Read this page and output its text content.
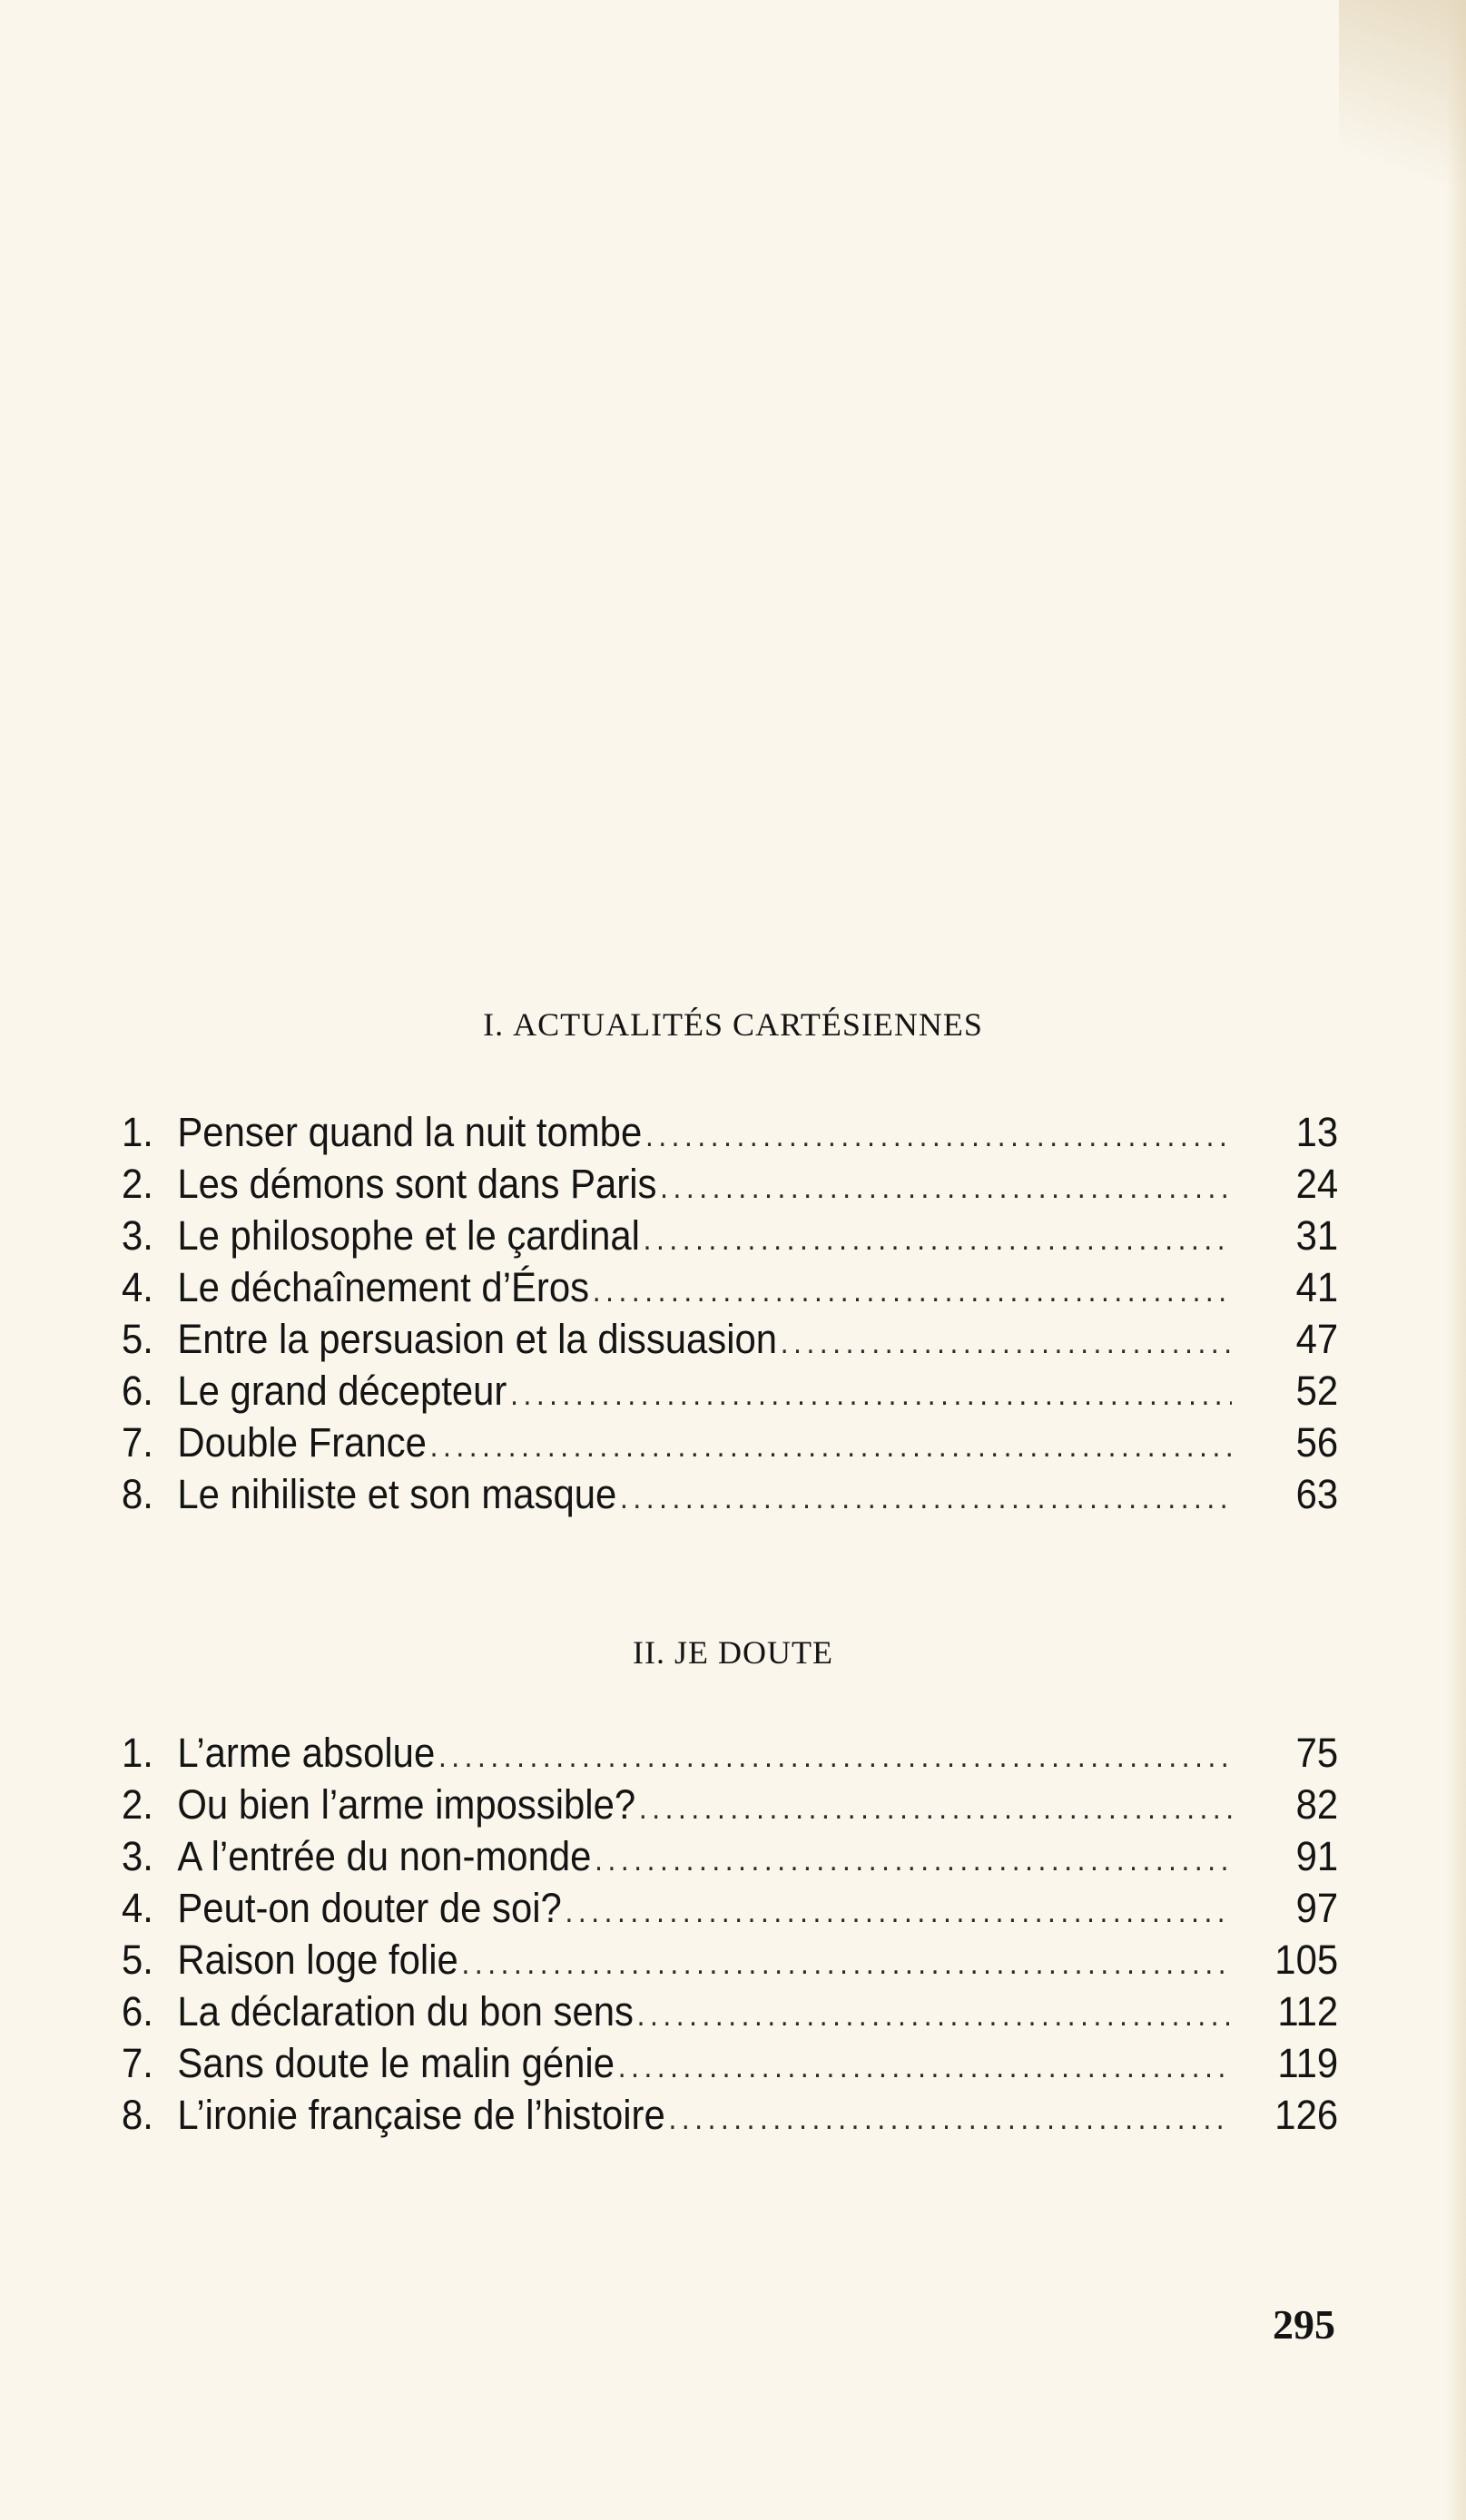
I. ACTUALITÉS CARTÉSIENNES
1. Penser quand la nuit tombe .....	13
2. Les démons sont dans Paris .....	24
3. Le philosophe et le çardinal .....	31
4. Le déchaînement d’Éros .....	41
5. Entre la persuasion et la dissuasion .....	47
6. Le grand décepteur .....	52
7. Double France .....	56
8. Le nihiliste et son masque .....	63
II. JE DOUTE
1. L’arme absolue .....	75
2. Ou bien l’arme impossible? .....	82
3. A l’entrée du non-monde .....	91
4. Peut-on douter de soi? .....	97
5. Raison loge folie .....	105
6. La déclaration du bon sens .....	112
7. Sans doute le malin génie .....	119
8. L’ironie française de l’histoire .....	126
295
